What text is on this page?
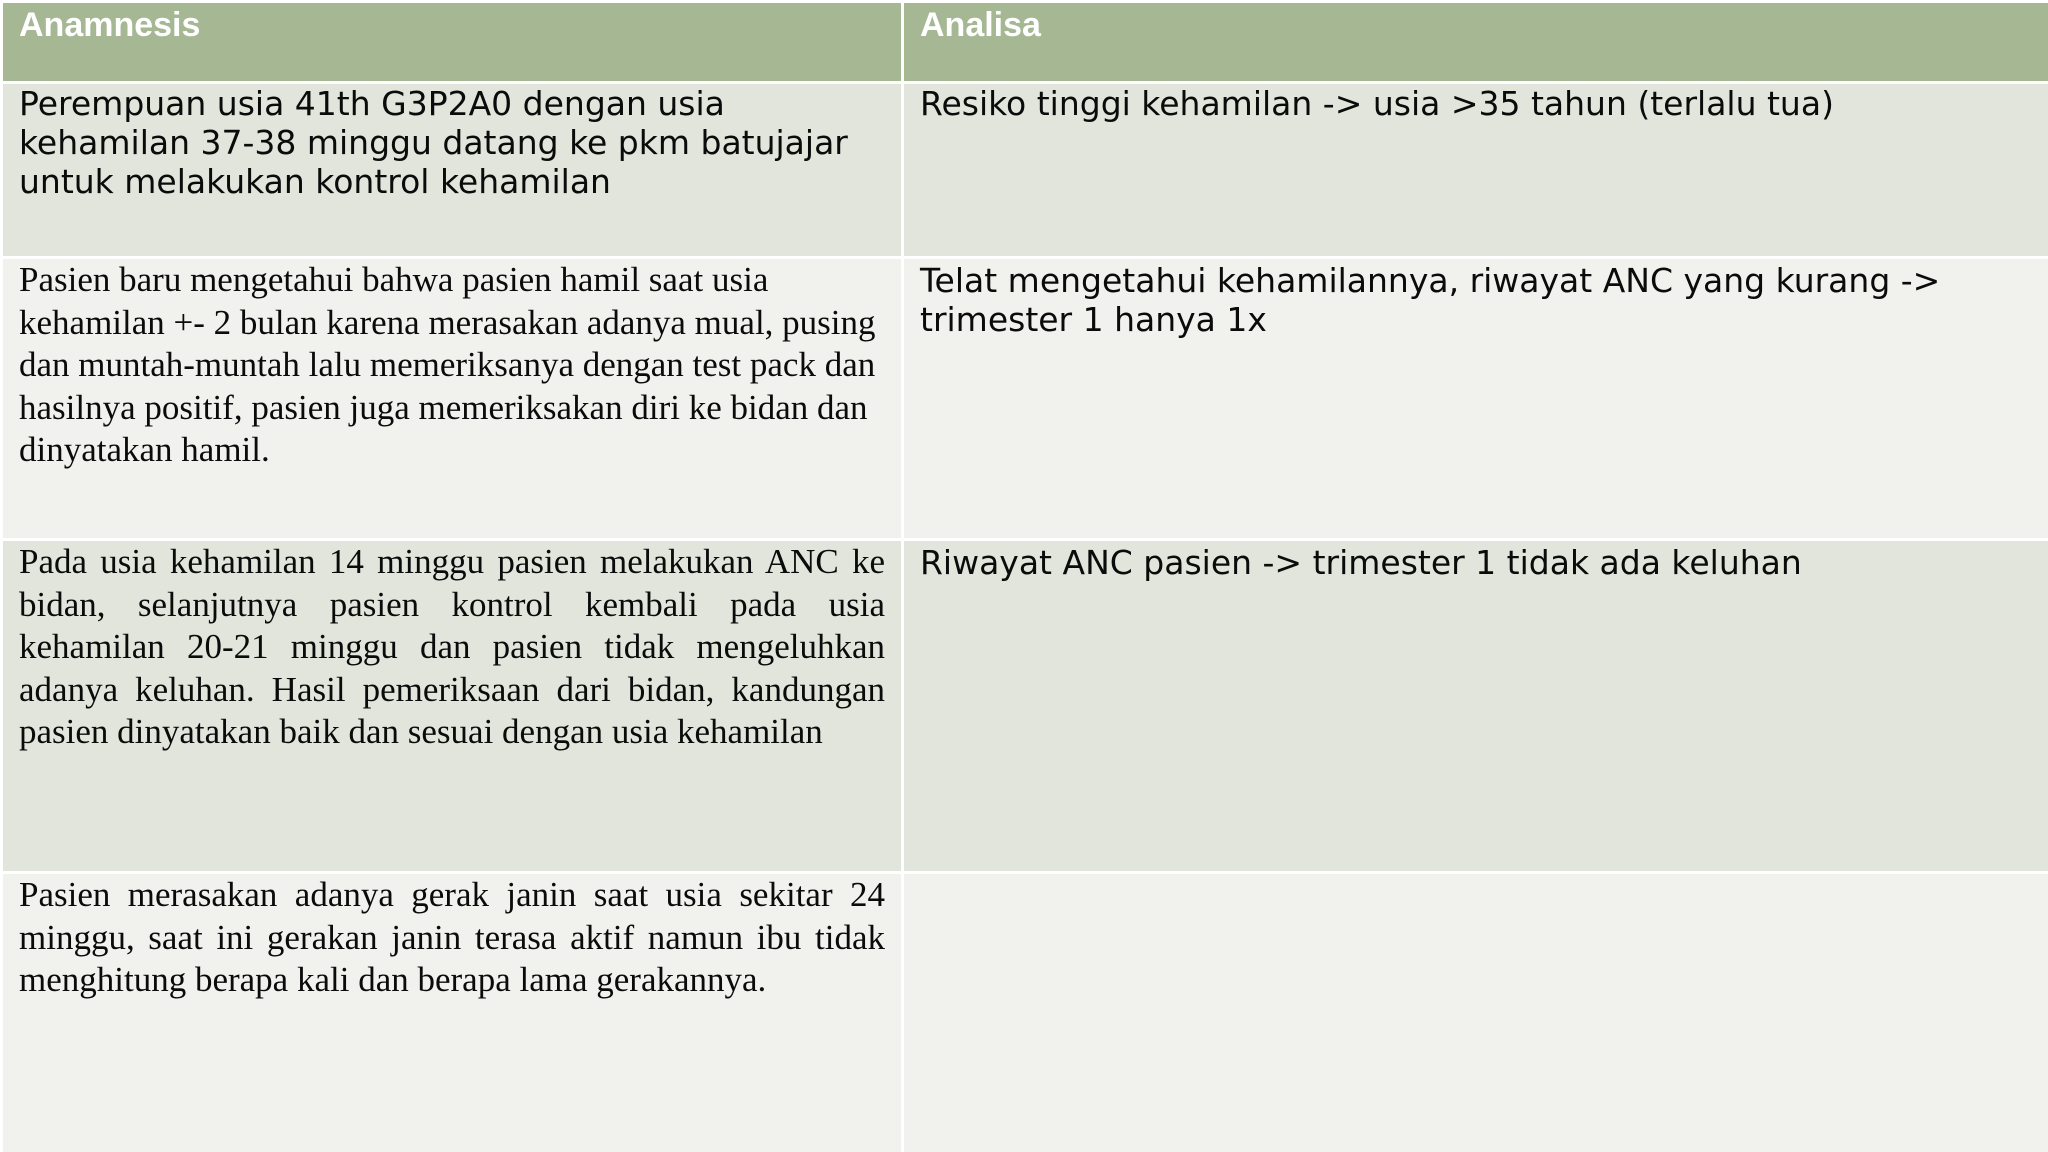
Anamnesis	Analisa

Perempuan usia 41th G3P2A0 dengan usia kehamilan 37-38 minggu datang ke pkm batujajar untuk melakukan kontrol kehamilan	Resiko tinggi kehamilan -> usia >35 tahun (terlalu tua)

Pasien baru mengetahui bahwa pasien hamil saat usia kehamilan +- 2 bulan karena merasakan adanya mual, pusing dan muntah-muntah lalu memeriksanya dengan test pack dan hasilnya positif, pasien juga memeriksakan diri ke bidan dan dinyatakan hamil.	Telat mengetahui kehamilannya, riwayat ANC yang kurang -> trimester 1 hanya 1x

Pada usia kehamilan 14 minggu pasien melakukan ANC ke bidan, selanjutnya pasien kontrol kembali pada usia kehamilan 20-21 minggu dan pasien tidak mengeluhkan adanya keluhan. Hasil pemeriksaan dari bidan, kandungan pasien dinyatakan baik dan sesuai dengan usia kehamilan	Riwayat ANC pasien -> trimester 1 tidak ada keluhan

Pasien merasakan adanya gerak janin saat usia sekitar 24 minggu, saat ini gerakan janin terasa aktif namun ibu tidak menghitung berapa kali dan berapa lama gerakannya.	
